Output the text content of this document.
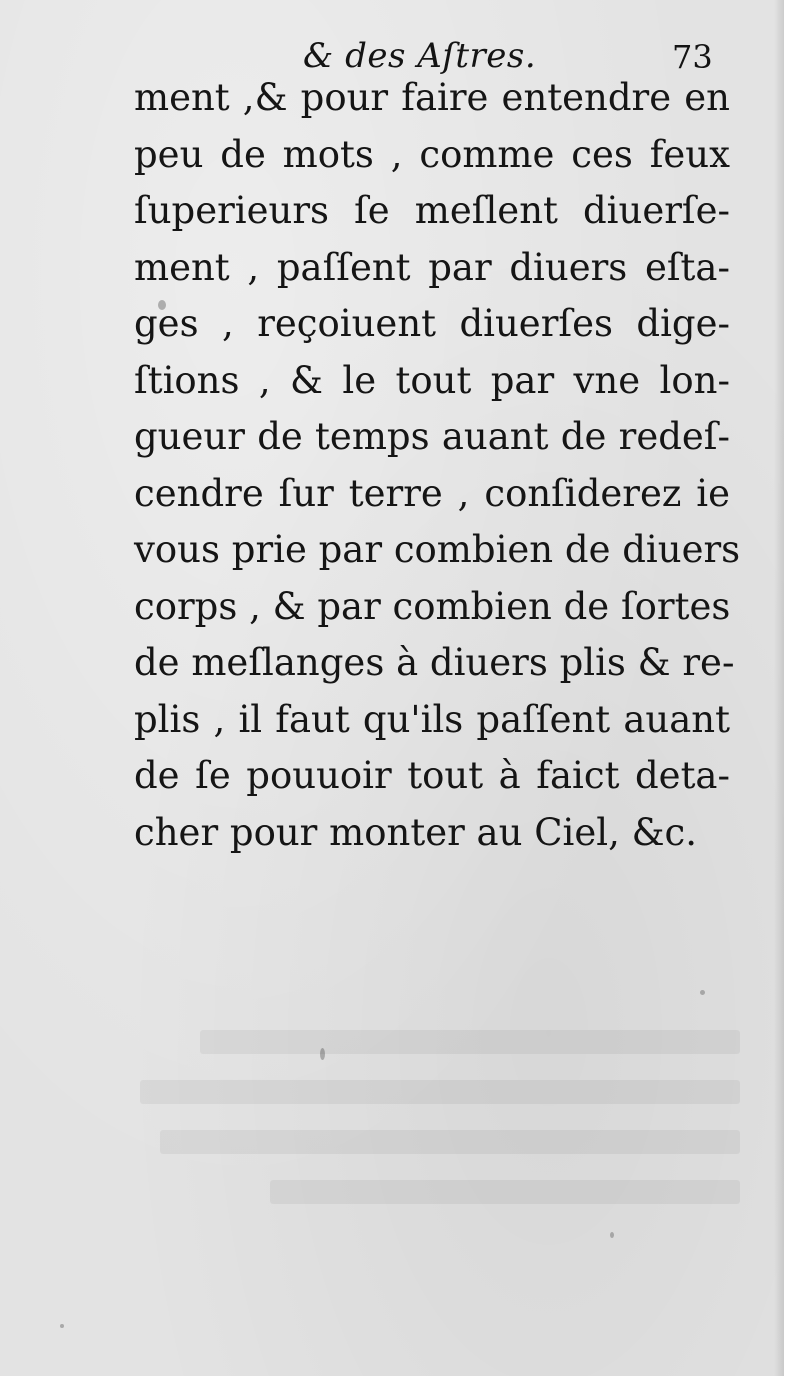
& des Aſtres.	73
ment ,& pour faire entendre en
peu de mots , comme ces feux
ſuperieurs ſe meſlent diuerſe-
ment , paſſent par diuers eſta-
ges , reçoiuent diuerſes dige-
ſtions , & le tout par vne lon-
gueur de temps auant de redeſ-
cendre ſur terre , conſiderez ie
vous prie par combien de diuers
corps , & par combien de ſortes
de meſlanges à diuers plis & re-
plis , il faut qu'ils paſſent auant
de ſe pouuoir tout à faict deta-
cher pour monter au Ciel, &c.
